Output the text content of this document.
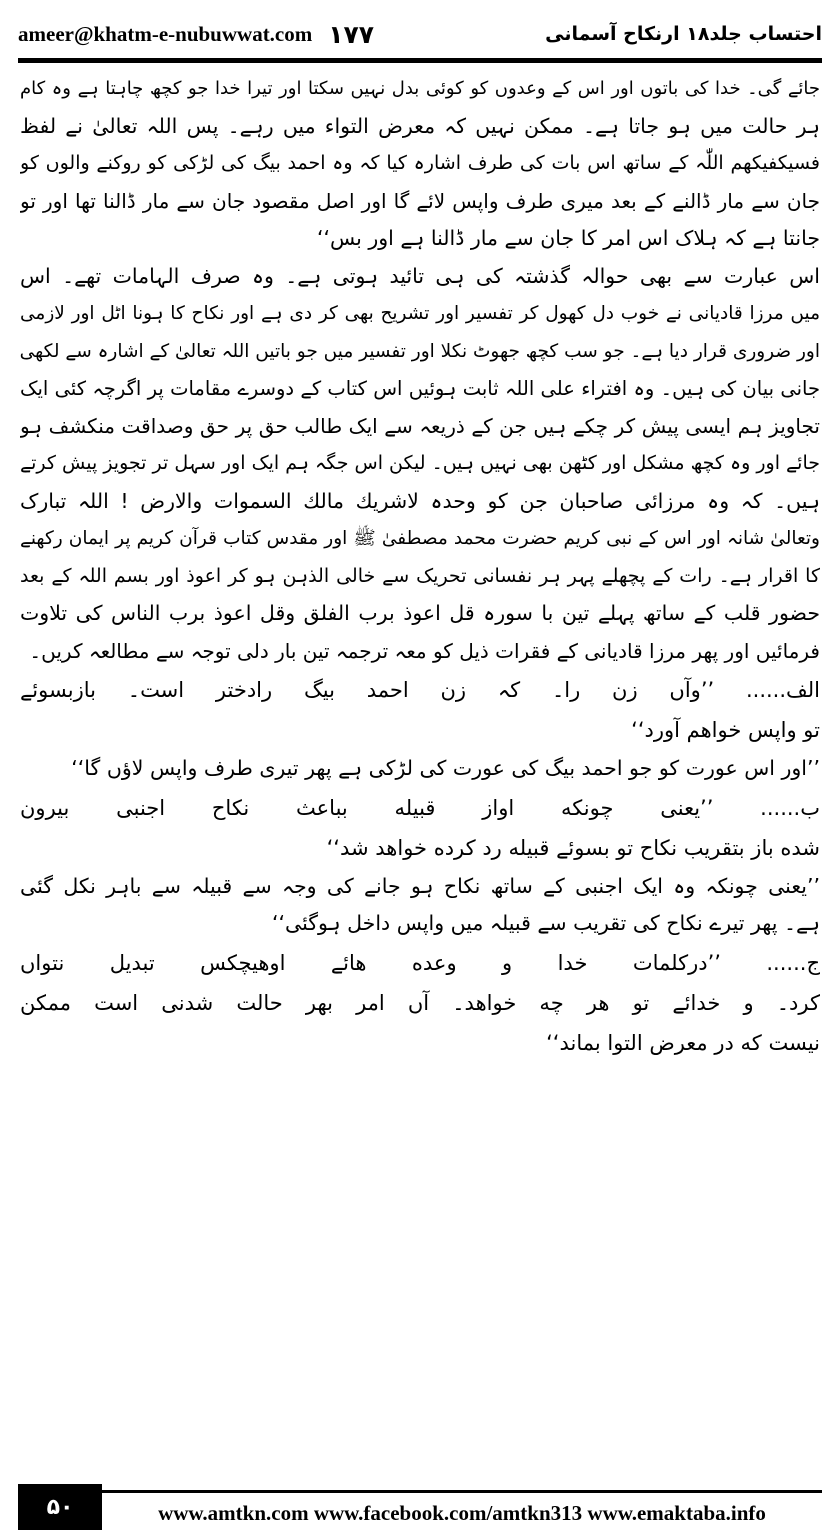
ameer@khatm-e-nubuwwat.com ۱۷۷	احتساب جلد۱۸ ارنکاح آسمانی

جائے گی۔ خدا کی باتوں اور اس کے وعدوں کو کوئی بدل نہیں سکتا اور تیرا خدا جو کچھ چاہتا ہے وہ کام
ہر حالت میں ہو جاتا ہے۔ ممکن نہیں کہ معرض التواء میں رہے۔ پس اللہ تعالیٰ نے لفظ
فسیکفیکھم اللّٰہ کے ساتھ اس بات کی طرف اشارہ کیا کہ وہ احمد بیگ کی لڑکی کو روکنے والوں کو
جان سے مار ڈالنے کے بعد میری طرف واپس لائے گا اور اصل مقصود جان سے مار ڈالنا تھا اور تو
جانتا ہے کہ ہلاک اس امر کا جان سے مار ڈالنا ہے اور بس‘‘

اس عبارت سے بھی حوالہ گذشتہ کی ہی تائید ہوتی ہے۔ وہ صرف الہامات تھے۔ اس
میں مرزا قادیانی نے خوب دل کھول کر تفسیر اور تشریح بھی کر دی ہے اور نکاح کا ہونا اٹل اور لازمی
اور ضروری قرار دیا ہے۔ جو سب کچھ جھوٹ نکلا اور تفسیر میں جو باتیں اللہ تعالیٰ کے اشارہ سے لکھی
جانی بیان کی ہیں۔ وہ افتراء علی اللہ ثابت ہوئیں اس کتاب کے دوسرے مقامات پر اگرچہ کئی ایک
تجاویز ہم ایسی پیش کر چکے ہیں جن کے ذریعہ سے ایک طالب حق پر حق وصداقت منکشف ہو
جائے اور وہ کچھ مشکل اور کٹھن بھی نہیں ہیں۔ لیکن اس جگہ ہم ایک اور سہل تر تجویز پیش کرتے
ہیں۔ کہ وہ مرزائی صاحبان جن کو وحدہ لاشریك مالك السموات والارض ! اللہ تبارک
وتعالیٰ شانہ اور اس کے نبی کریم حضرت محمد مصطفیٰ ﷺ اور مقدس کتاب قرآن کریم پر ایمان رکھنے
کا اقرار ہے۔ رات کے پچھلے پہر ہر نفسانی تحریک سے خالی الذہن ہو کر اعوذ اور بسم اللہ کے بعد
حضور قلب کے ساتھ پہلے تین با سورہ قل اعوذ برب الفلق وقل اعوذ برب الناس کی تلاوت
فرمائیں اور پھر مرزا قادیانی کے فقرات ذیل کو معہ ترجمہ تین بار دلی توجہ سے مطالعہ کریں۔

الف...... ’’وآں زن را۔ کہ زن احمد بیگ رادختر است۔ بازبسوئے
تو واپس خواهم آورد‘‘

’’اور اس عورت کو جو احمد بیگ کی عورت کی لڑکی ہے پھر تیری طرف واپس لاؤں گا‘‘

ب...... ’’یعنی چونکه اواز قبیله بباعث نکاح اجنبی بیرون
شده باز بتقریب نکاح تو بسوئے قبیله رد کرده خواهد شد‘‘

’’یعنی چونکہ وہ ایک اجنبی کے ساتھ نکاح ہو جانے کی وجہ سے قبیلہ سے باہر نکل گئی
ہے۔ پھر تیرے نکاح کی تقریب سے قبیلہ میں واپس داخل ہوگئی‘‘

ج...... ’’درکلمات خدا و وعده هائے اوهیچکس تبدیل نتواں
کرد۔ و خدائے تو هر چه خواهد۔ آں امر بهر حالت شدنی است ممکن
نیست که در معرض التوا بماند‘‘

۵۰	www.amtkn.com www.facebook.com/amtkn313 www.emaktaba.info
